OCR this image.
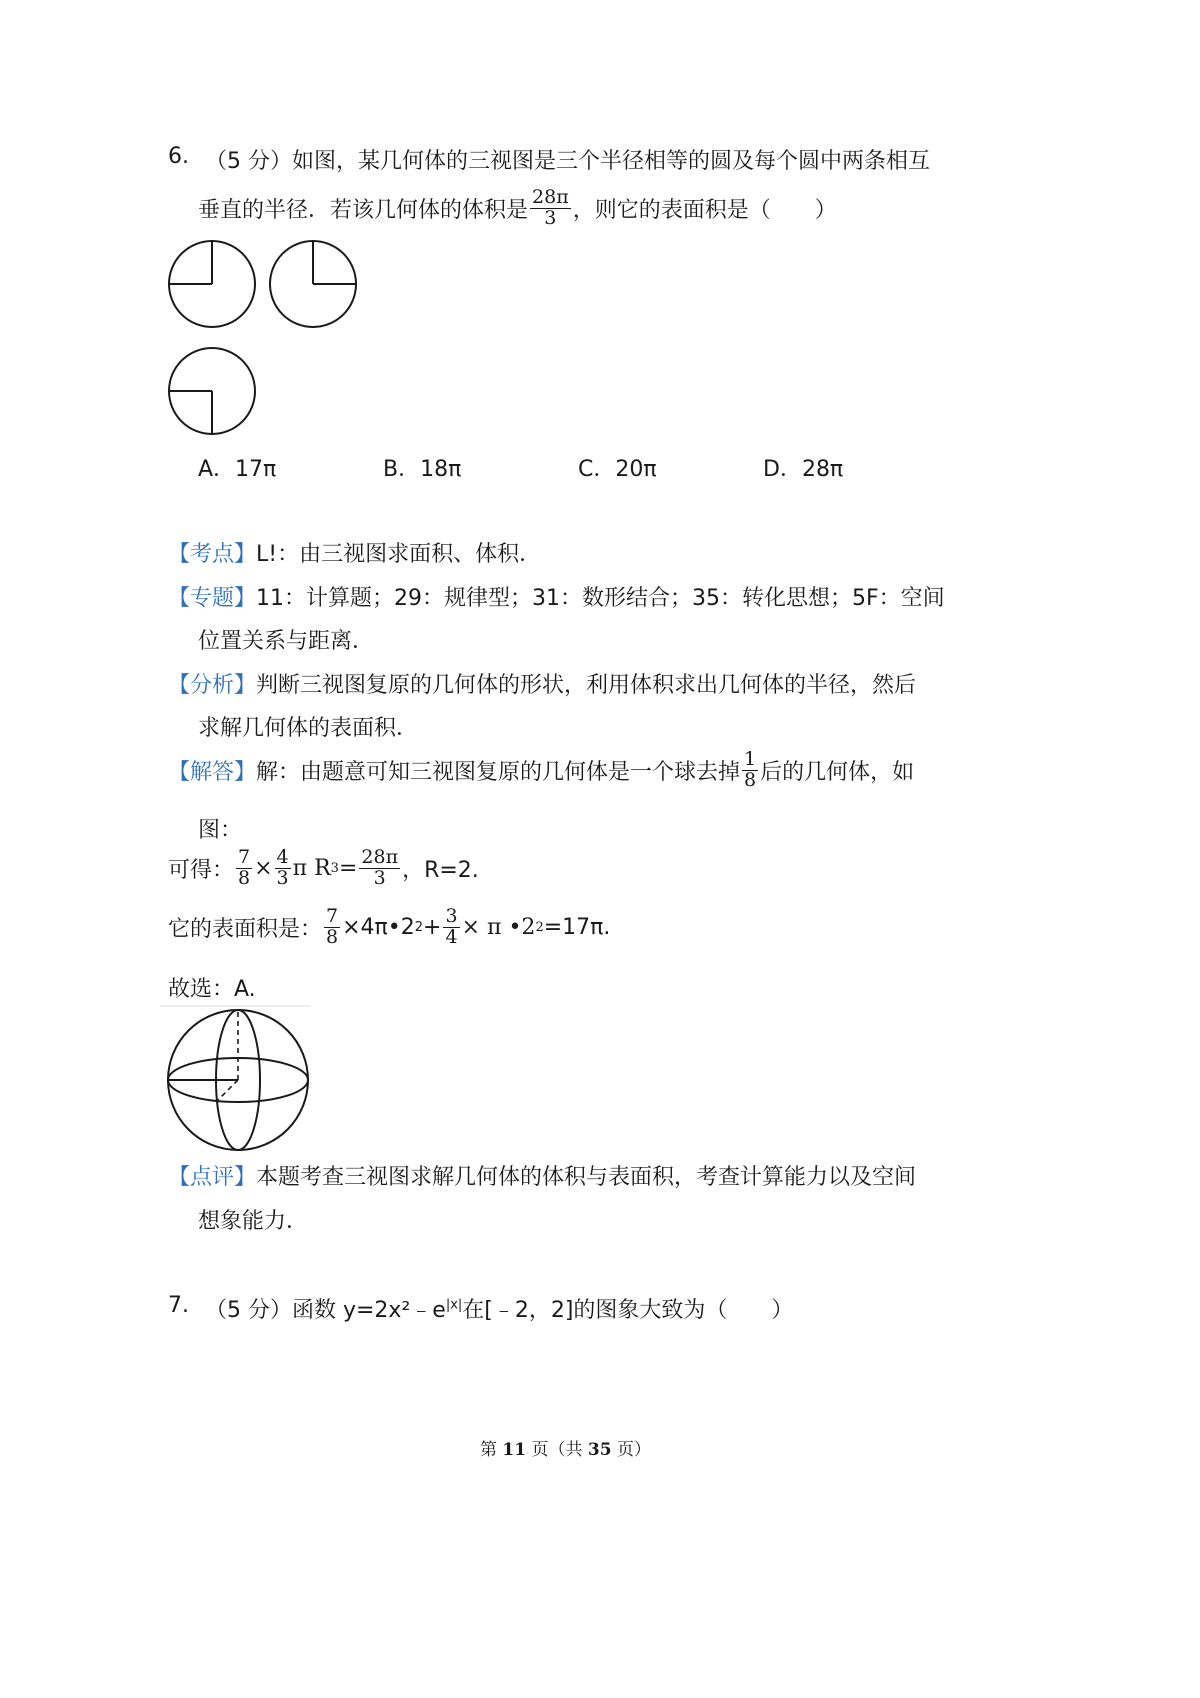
6. （5 分）如图，某几何体的三视图是三个半径相等的圆及每个圆中两条相互
垂直的半径．若该几何体的体积是 $\frac{28\pi}{3}$ ，则它的表面积是（　　）
A．17π	B．18π	C．20π	D．28π
【考点】L!：由三视图求面积、体积．
【专题】11：计算题；29：规律型；31：数形结合；35：转化思想；5F：空间
位置关系与距离．
【分析】判断三视图复原的几何体的形状，利用体积求出几何体的半径，然后
求解几何体的表面积．
【解答】 解：由题意可知三视图复原的几何体是一个球去掉 $\frac{1}{8}$ 后的几何体，如
图：
可得： $\frac{7}{8} \times \frac{4}{3}$ π R $3 = \frac{28\pi}{3}$ ，R=2.
它的表面积是： $\frac{7}{8}$ ×4π•2 $2 + \frac{3}{4} \times \pi$ •2 2 =17π.
故选：A.
【点评】本题考查三视图求解几何体的体积与表面积，考查计算能力以及空间
想象能力．
7. （5 分）函数 $y=2x^2﹣e^{|x|}$在[﹣2，2]的图象大致为（　　）
第 11 页（共 35 页）
